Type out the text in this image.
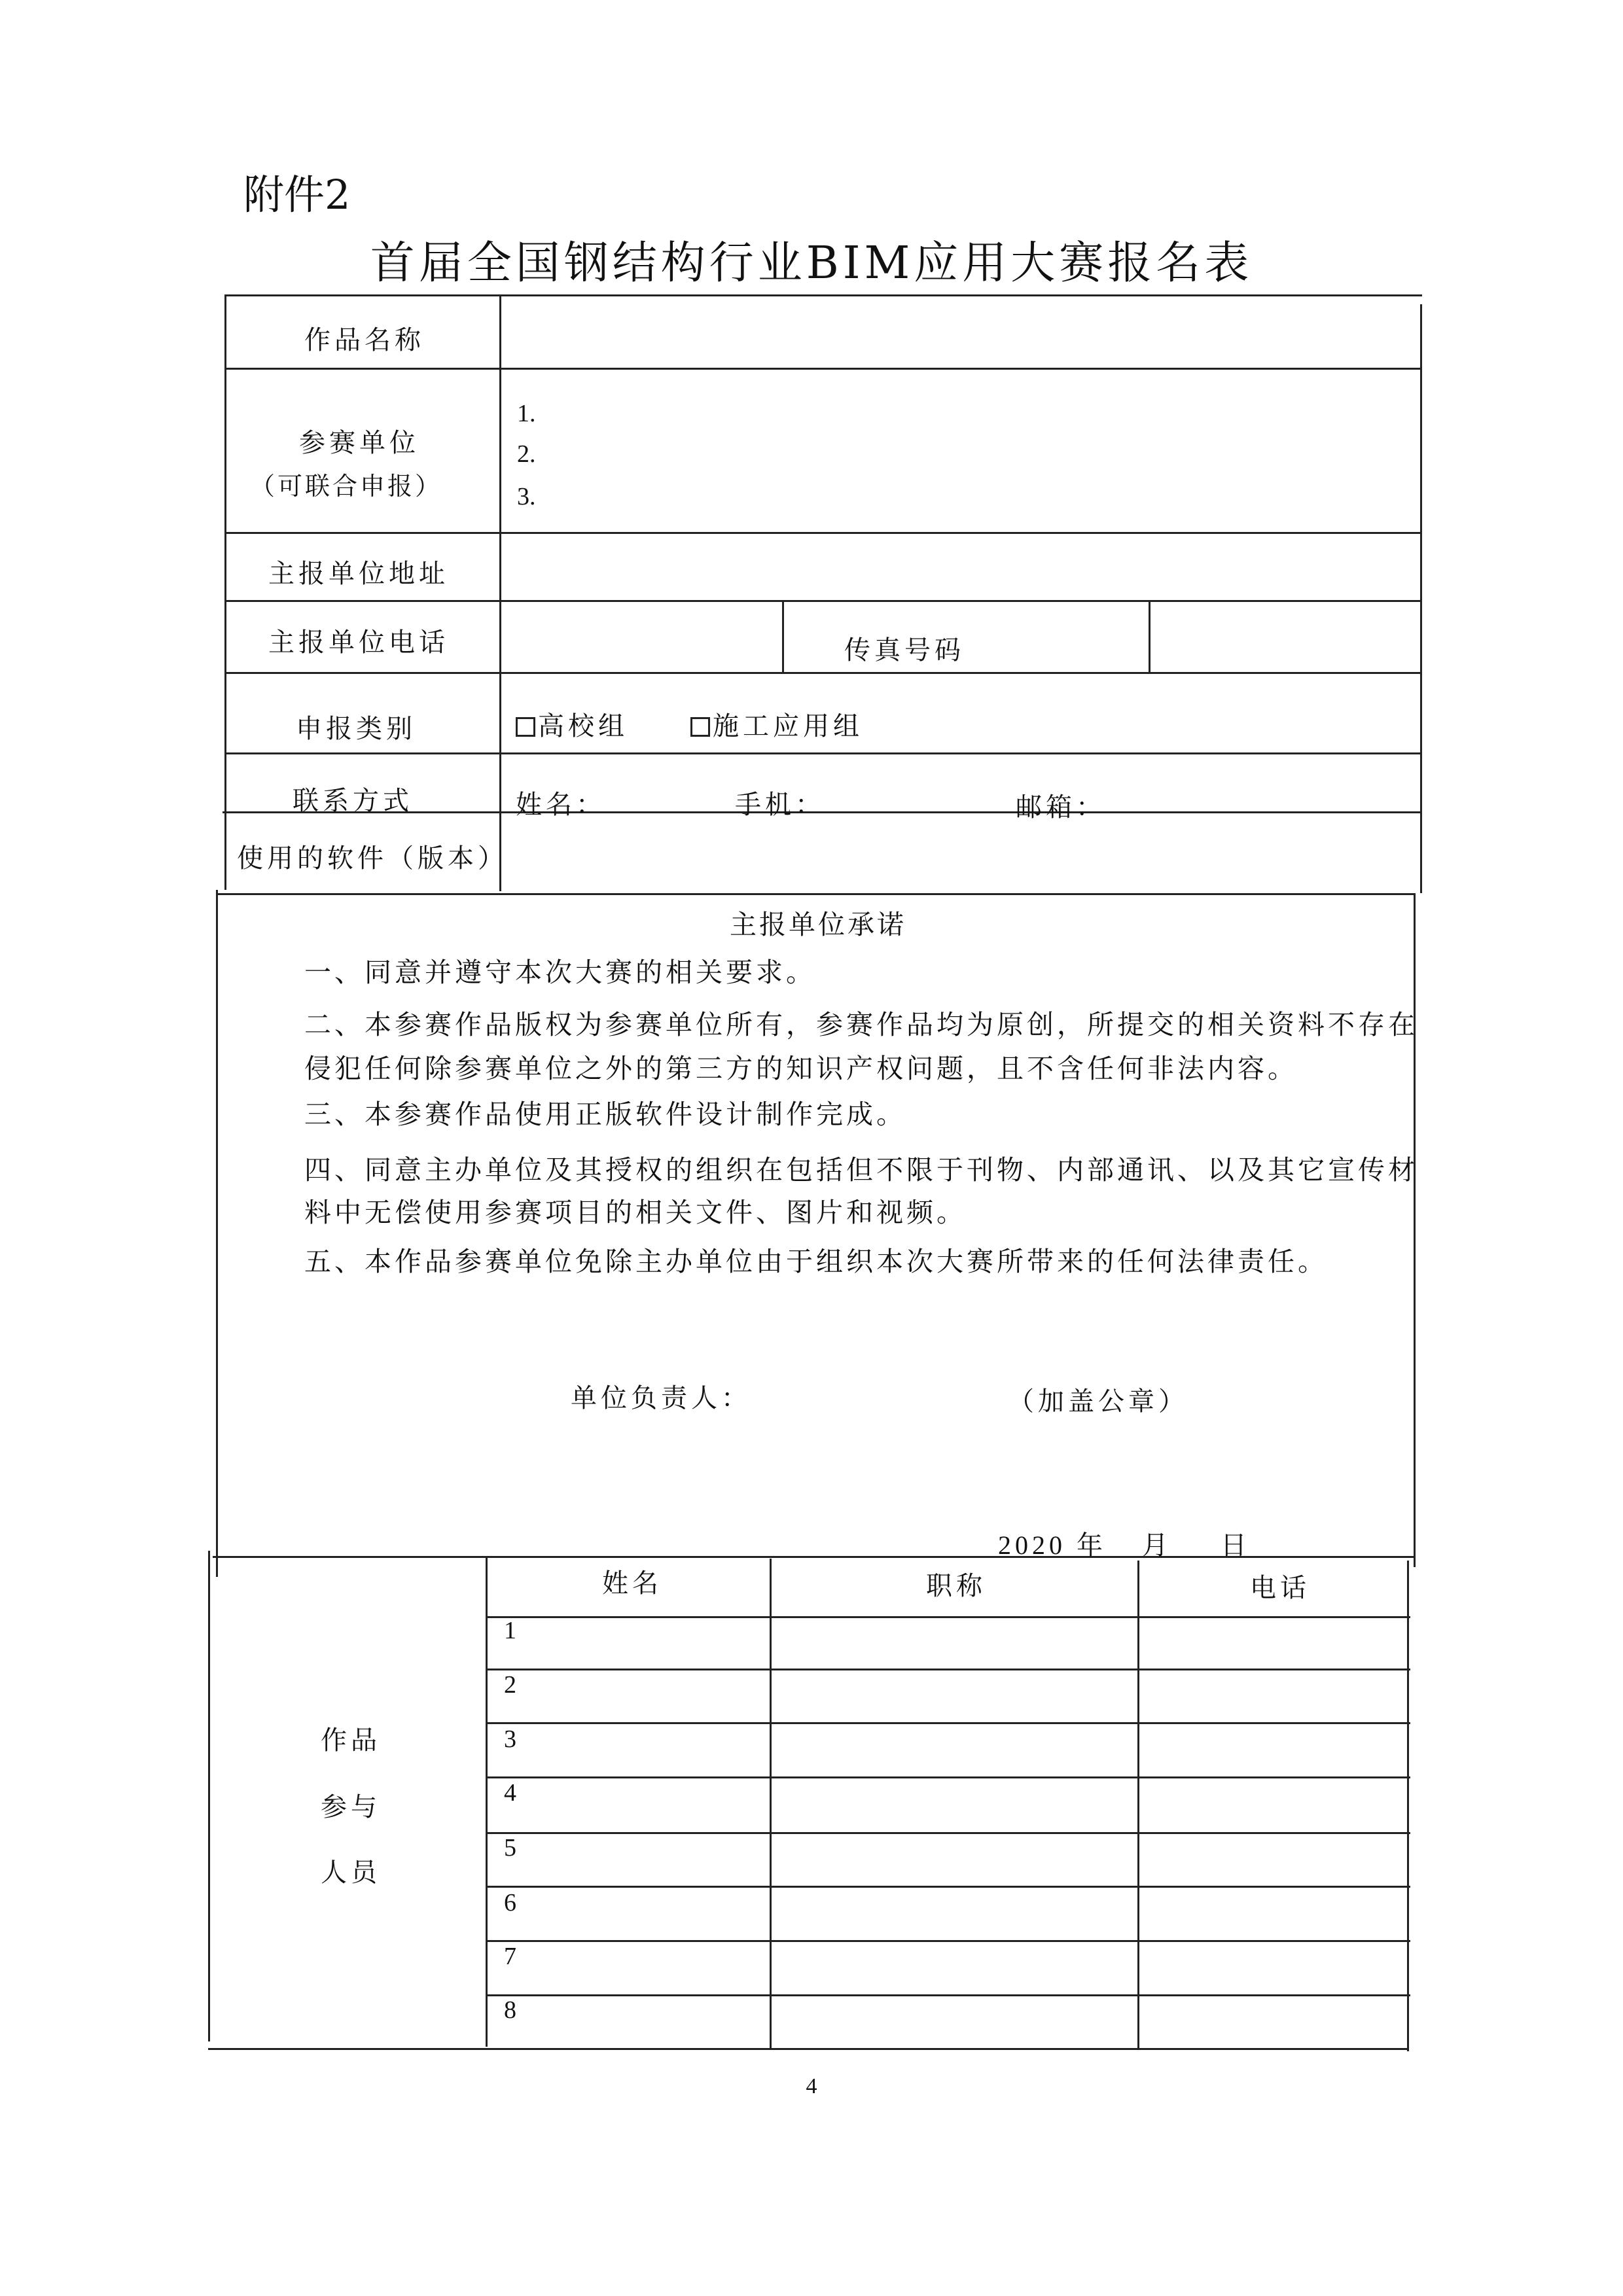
附件2
首届全国钢结构行业BIM应用大赛报名表
作品名称
参赛单位
（可联合申报）
1.
2.
3.
主报单位地址
主报单位电话	传真号码
申报类别	高校组	施工应用组
联系方式	姓名：	手机：	邮箱：
使用的软件（版本）
主报单位承诺
一、同意并遵守本次大赛的相关要求。
二、本参赛作品版权为参赛单位所有，参赛作品均为原创，所提交的相关资料不存在
侵犯任何除参赛单位之外的第三方的知识产权问题，且不含任何非法内容。
三、本参赛作品使用正版软件设计制作完成。
四、同意主办单位及其授权的组织在包括但不限于刊物、内部通讯、以及其它宣传材
料中无偿使用参赛项目的相关文件、图片和视频。
五、本作品参赛单位免除主办单位由于组织本次大赛所带来的任何法律责任。
单位负责人：	（加盖公章）
2020 年 月 日
作品
参与
人员
姓名	职称	电话
1
2
3
4
5
6
7
8
4
